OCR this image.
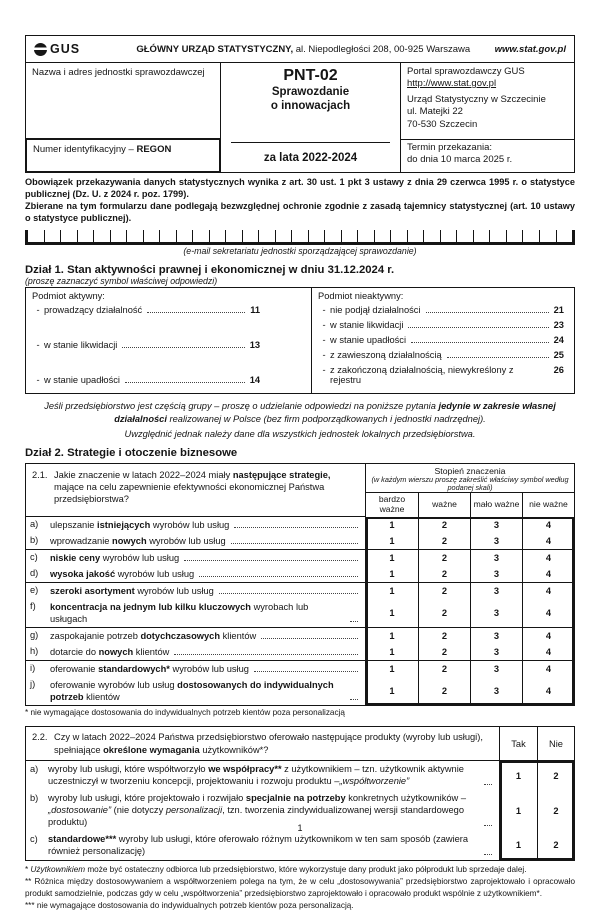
GUS	GŁÓWNY URZĄD STATYSTYCZNY, al. Niepodległości 208, 00-925 Warszawa	www.stat.gov.pl
Nazwa i adres jednostki sprawozdawczej	PNT-02
Sprawozdanie
o innowacjach
za lata 2022-2024
Portal sprawozdawczy GUS
http://www.stat.gov.pl
Urząd Statystyczny w Szczecinie
ul. Matejki 22
70-530 Szczecin
Numer identyfikacyjny – REGON	Termin przekazania:
do dnia 10 marca 2025 r.
Obowiązek przekazywania danych statystycznych wynika z art. 30 ust. 1 pkt 3 ustawy z dnia 29 czerwca 1995 r. o statystyce publicznej (Dz. U. z 2024 r. poz. 1799).
Zbierane na tym formularzu dane podlegają bezwzględnej ochronie zgodnie z zasadą tajemnicy statystycznej (art. 10 ustawy o statystyce publicznej).
(e-mail sekretariatu jednostki sporządzającej sprawozdanie)
Dział 1. Stan aktywności prawnej i ekonomicznej w dniu 31.12.2024 r.
(proszę zaznaczyć symbol właściwej odpowiedzi)
Podmiot aktywny:
- prowadzący działalność	11
- w stanie likwidacji	13
- w stanie upadłości	14
Podmiot nieaktywny:
- nie podjął działalności	21
- w stanie likwidacji	23
- w stanie upadłości	24
- z zawieszoną działalnością	25
- z zakończoną działalnością, niewykreślony z rejestru
26
Jeśli przedsiębiorstwo jest częścią grupy – proszę o udzielanie odpowiedzi na poniższe pytania jedynie w zakresie własnej działalności realizowanej w Polsce (bez firm podporządkowanych i jednostki nadrzędnej).
Uwzględnić jednak należy dane dla wszystkich jednostek lokalnych przedsiębiorstwa.
Dział 2. Strategie i otoczenie biznesowe
2.1. Jakie znaczenie w latach 2022–2024 miały następujące strategie, mające na celu zapewnienie efektywności ekonomicznej Państwa przedsiębiorstwa?
Stopień znaczenia
(w każdym wierszu proszę zakreślić właściwy symbol według podanej skali)
bardzo ważne	ważne	mało ważne	nie ważne
a)	ulepszanie istniejących wyrobów lub usług	1	2	3	4
b)	wprowadzanie nowych wyrobów lub usług	1	2	3	4
c)	niskie ceny wyrobów lub usług	1	2	3	4
d)	wysoka jakość wyrobów lub usług	1	2	3	4
e)	szeroki asortyment wyrobów lub usług	1	2	3	4
f)	koncentracja na jednym lub kilku kluczowych wyrobach lub usługach
1	2	3	4
g)	zaspokajanie potrzeb dotychczasowych klientów	1	2	3	4
h)	dotarcie do nowych klientów	1	2	3	4
i)	oferowanie standardowych* wyrobów lub usług	1	2	3	4
j)	oferowanie wyrobów lub usług dostosowanych do indywidualnych potrzeb klientów
1	2	3	4
* nie wymagające dostosowania do indywidualnych potrzeb kientów poza personalizacją
2.2. Czy w latach 2022–2024 Państwa przedsiębiorstwo oferowało następujące produkty (wyroby lub usługi), spełniające określone wymagania użytkowników*?
Tak	Nie
a)	wyroby lub usługi, które współtworzyło we współpracy** z użytkownikiem – tzn. użytkownik aktywnie uczestniczył w tworzeniu koncepcji, projektowaniu i rozwoju produktu –„współtworzenie”
1	2
b)	wyroby lub usługi, które projektowało i rozwijało specjalnie na potrzeby konkretnych użytkowników – „dostosowanie” (nie dotyczy personalizacji, tzn. tworzenia zindywidualizowanej wersji standardowego produktu)
1	2
c)	standardowe*** wyroby lub usługi, które oferowało różnym użytkownikom w ten sam sposób (zawiera również personalizację)
1	2
* Użytkownikiem może być ostateczny odbiorca lub przedsiębiorstwo, które wykorzystuje dany produkt jako półprodukt lub sprzedaje dalej.
** Różnica między dostosowywaniem a współtworzeniem polega na tym, że w celu „dostosowywania” przedsiębiorstwo zaprojektowało i opracowało produkt samodzielnie, podczas gdy w celu „współtworzenia” przedsiębiorstwo zaprojektowało i opracowało produkt wspólnie z użytkownikiem*.
*** nie wymagające dostosowania do indywidualnych potrzeb kientów poza personalizacją.
1
